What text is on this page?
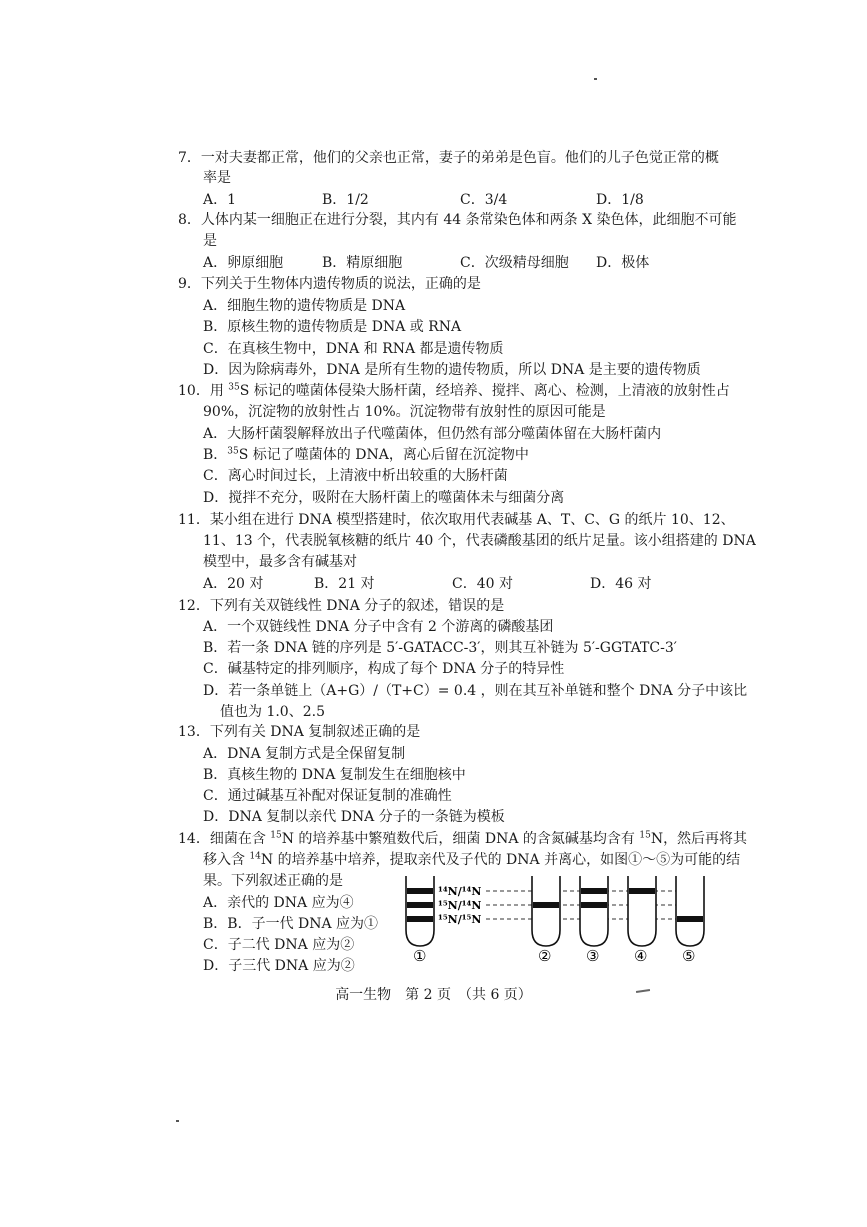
7．一对夫妻都正常，他们的父亲也正常，妻子的弟弟是色盲。他们的儿子色觉正常的概
率是
A．1	B．1/2	C．3/4	D．1/8
8．人体内某一细胞正在进行分裂，其内有 44 条常染色体和两条 X 染色体，此细胞不可能
是
A．卵原细胞	B．精原细胞	C．次级精母细胞 D．极体
9．下列关于生物体内遗传物质的说法，正确的是
A．细胞生物的遗传物质是 DNA
B．原核生物的遗传物质是 DNA 或 RNA
C．在真核生物中，DNA 和 RNA 都是遗传物质
D．因为除病毒外，DNA 是所有生物的遗传物质，所以 DNA 是主要的遗传物质
10．用 $^{35}$S 标记的噬菌体侵染大肠杆菌，经培养、搅拌、离心、检测，上清液的放射性占
90%，沉淀物的放射性占 10%。沉淀物带有放射性的原因可能是
A．大肠杆菌裂解释放出子代噬菌体，但仍然有部分噬菌体留在大肠杆菌内
B．$^{35}$S 标记了噬菌体的 DNA，离心后留在沉淀物中
C．离心时间过长，上清液中析出较重的大肠杆菌
D．搅拌不充分，吸附在大肠杆菌上的噬菌体未与细菌分离
11．某小组在进行 DNA 模型搭建时，依次取用代表碱基 A、T、C、G 的纸片 10、12、
11、13 个，代表脱氧核糖的纸片 40 个，代表磷酸基团的纸片足量。该小组搭建的 DNA
模型中，最多含有碱基对
A．20 对	B．21 对	C．40 对	D．46 对
12．下列有关双链线性 DNA 分子的叙述，错误的是
A．一个双链线性 DNA 分子中含有 2 个游离的磷酸基团
B．若一条 DNA 链的序列是 5′-GATACC-3′，则其互补链为 5′-GGTATC-3′
C．碱基特定的排列顺序，构成了每个 DNA 分子的特异性
D．若一条单链上（A+G）/（T+C）= 0.4 ，则在其互补单链和整个 DNA 分子中该比
值也为 1.0、2.5
13．下列有关 DNA 复制叙述正确的是
A．DNA 复制方式是全保留复制
B．真核生物的 DNA 复制发生在细胞核中
C．通过碱基互补配对保证复制的准确性
D．DNA 复制以亲代 DNA 分子的一条链为模板
14．细菌在含 $^{15}$N 的培养基中繁殖数代后，细菌 DNA 的含氮碱基均含有 $^{15}$N，然后再将其
移入含 $^{14}$N 的培养基中培养，提取亲代及子代的 DNA 并离心，如图①～⑤为可能的结
果。下列叙述正确的是
A．亲代的 DNA 应为④
B．B．子一代 DNA 应为①
C．子二代 DNA 应为②
D．子三代 DNA 应为②
¹⁴N/¹⁴N
¹⁵N/¹⁴N
¹⁵N/¹⁵N
①	② ③ ④ ⑤
高一生物　第 2 页　（共 6 页）
